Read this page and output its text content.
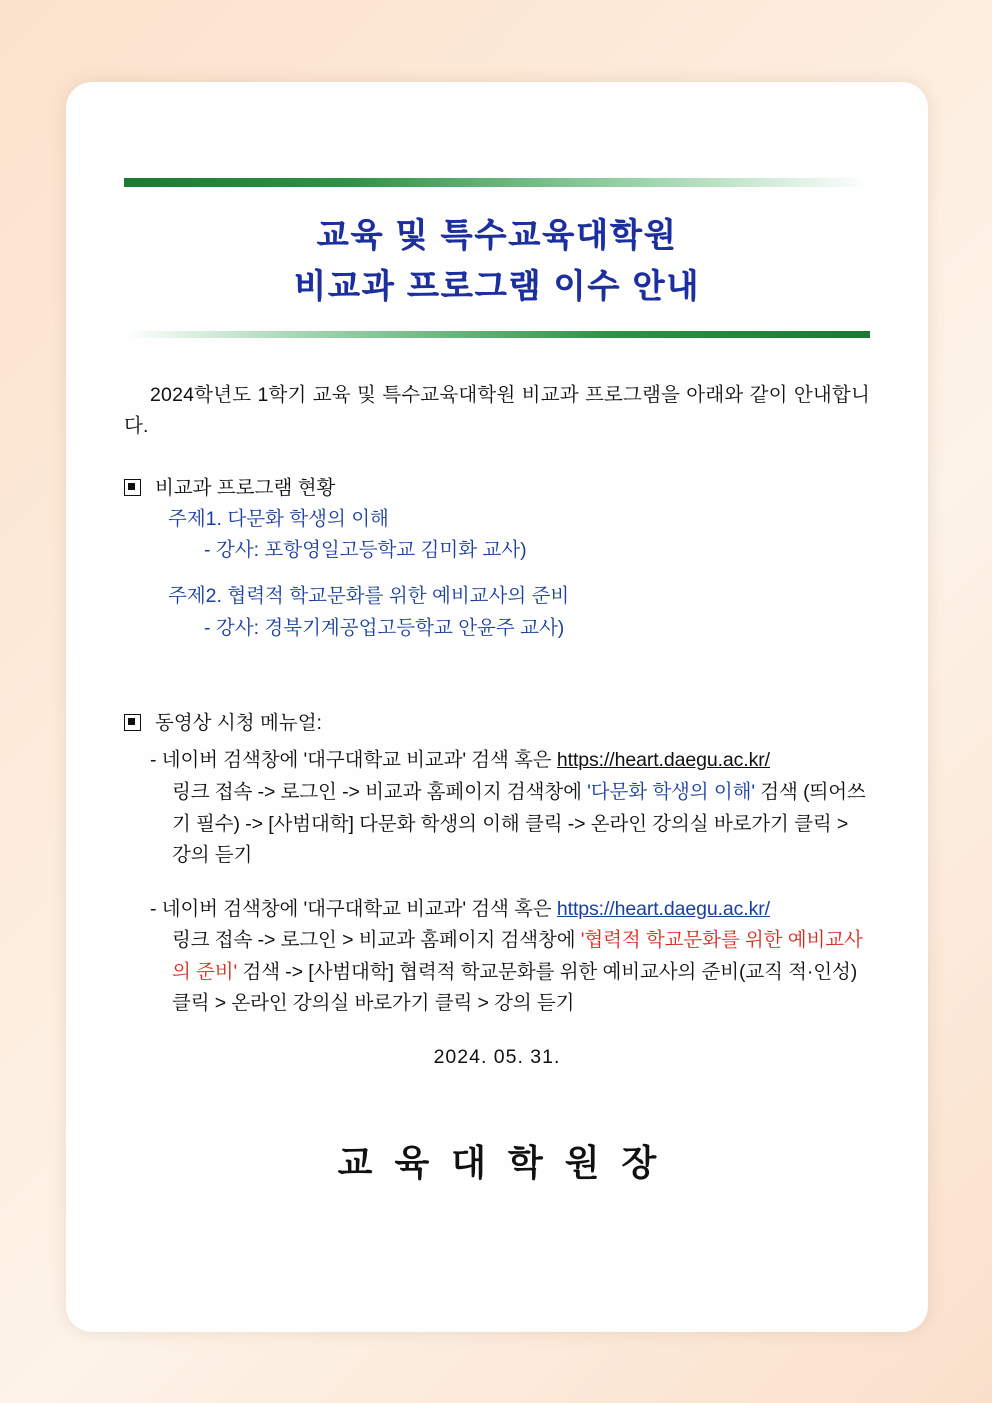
교육 및 특수교육대학원
비교과 프로그램 이수 안내
2024학년도 1학기 교육 및 특수교육대학원 비교과 프로그램을 아래와 같이 안내합니다.
비교과 프로그램 현황
주제1. 다문화 학생의 이해
- 강사: 포항영일고등학교 김미화 교사)
주제2. 협력적 학교문화를 위한 예비교사의 준비
- 강사: 경북기계공업고등학교 안윤주 교사)
동영상 시청 메뉴얼:
- 네이버 검색창에 '대구대학교 비교과' 검색 혹은 https://heart.daegu.ac.kr/
링크 접속 -> 로그인 -> 비교과 홈페이지 검색창에 '다문화 학생의 이해' 검색 (띄어쓰기 필수) -> [사범대학] 다문화 학생의 이해 클릭 -> 온라인 강의실 바로가기 클릭 > 강의 듣기
- 네이버 검색창에 '대구대학교 비교과' 검색 혹은 https://heart.daegu.ac.kr/
링크 접속 -> 로그인 > 비교과 홈페이지 검색창에 '협력적 학교문화를 위한 예비교사의 준비' 검색 -> [사범대학] 협력적 학교문화를 위한 예비교사의 준비(교직 적·인성) 클릭 > 온라인 강의실 바로가기 클릭 > 강의 듣기
2024. 05. 31.
교육대학원장
